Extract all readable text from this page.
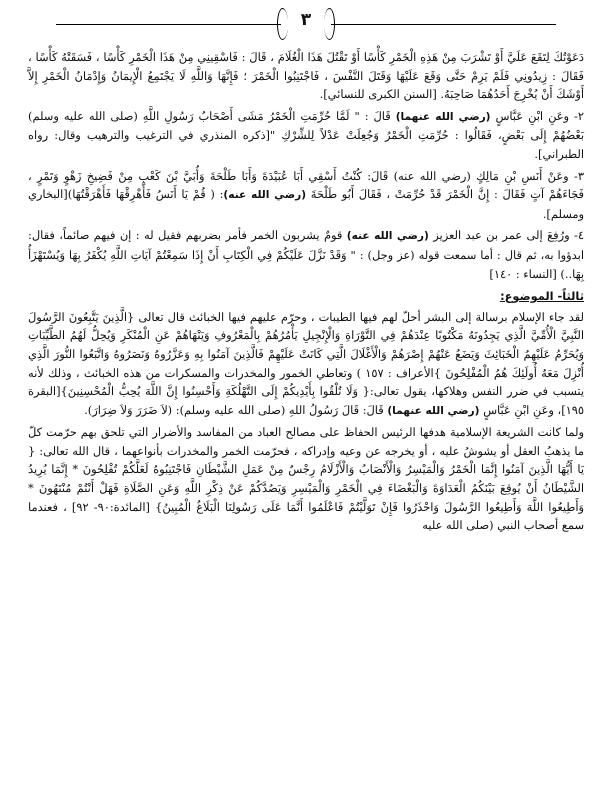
٣

دَعَوْتُكَ لِتَقَعَ عَلَيَّ أَوْ تَشْرَبَ مِنْ هَذِهِ الْخَمْرِ كَأْسًا أَوْ تَقْتُلَ هَذَا الْغُلَامَ ، قَالَ : فَاسْقِينِي مِنْ هَذَا الْخَمْرِ كَأْسًا ، فَسَقَتْهُ كَأْسًا ، فَقَالَ : زِيدُونِي فَلَمْ يَرِمْ حَتَّى وَقَعَ عَلَيْهَا وَقَتَلَ النَّفْسَ ، فَاجْتَنِبُوا الْخَمْرَ ؛ فَإِنَّهَا وَاللَّهِ لَا يَجْتَمِعُ الْإِيمَانُ وَإِدْمَانُ الْخَمْرِ إِلاَّ أَوْشَكَ أَنْ يُخْرِجَ أَحَدُهُمَا صَاحِبَهُ. [السنن الكبرى للنسائي].

٢- وعَنِ ابْنِ عَبَّاسٍ (رضي الله عنهما) قَالَ : " لَمَّا حُرِّمَتِ الْخَمْرُ مَشَى أَصْحَابُ رَسُولِ اللَّهِ (صلى الله عليه وسلم) بَعْضُهُمْ إِلَى بَعْضٍ، فَقَالُوا : حُرِّمَتِ الْخَمْرُ وَجُعِلَتْ عَدْلاً لِلشِّرْكِ "[ذكره المنذري في الترغيب والترهيب وقال: رواه الطبراني].

٣- وعَنْ أَنَسِ بْنِ مَالِكٍ (رضي الله عنه) قَالَ: كُنْتُ أَسْقِي أَبَا عُبَيْدَةَ وَأَبَا طَلْحَةَ وَأُبَيَّ بْنَ كَعْبٍ مِنْ فَضِيخِ زَهْوٍ وَتَمْرٍ ، فَجَاءَهُمْ آتٍ فَقَالَ : إِنَّ الْخَمْرَ قَدْ حُرِّمَتْ ، فَقَالَ أَبُو طَلْحَةَ (رضي الله عنه): ( قُمْ يَا أَنَسُ فَأَهْرِقْهَا فَأَهْرَقْتُهَا)[البخاري ومسلم].

٤- ورُفِعَ إلى عمر بن عبد العزيز (رضي الله عنه) قومٌ يشربون الخمر فأمر بضربهم فقيل له : إن فيهم صائماً، فقال: ابدؤوا به، ثم قال : أما سمعت قوله (عز وجل) : " وَقَدْ نَزَّلَ عَلَيْكُمْ فِي الْكِتَابِ أَنْ إِذَا سَمِعْتُمْ آيَاتِ اللَّهِ يُكْفَرُ بِهَا وَيُسْتَهْزَأُ بِهَا..) [النساء : ١٤٠]

ثالثاً- الموضوع:

لقد جاء الإسلام برسالة إلى البشر أحلّ لهم فيها الطيبات ، وحرّم عليهم فيها الخبائث قال تعالى {الَّذِينَ يَتَّبِعُونَ الرَّسُولَ النَّبِيَّ الْأُمِّيَّ الَّذِي يَجِدُونَهُ مَكْتُوبًا عِنْدَهُمْ فِي التَّوْرَاةِ وَالْإِنْجِيلِ يَأْمُرُهُمْ بِالْمَعْرُوفِ وَيَنْهَاهُمْ عَنِ الْمُنْكَرِ وَيُحِلُّ لَهُمُ الطَّيِّبَاتِ وَيُحَرِّمُ عَلَيْهِمُ الْخَبَائِثَ وَيَضَعُ عَنْهُمْ إِصْرَهُمْ وَالْأَغْلَالَ الَّتِي كَانَتْ عَلَيْهِمْ فَالَّذِينَ آمَنُوا بِهِ وَعَزَّرُوهُ وَنَصَرُوهُ وَاتَّبَعُوا النُّورَ الَّذِي أُنْزِلَ مَعَهُ أُولَئِكَ هُمُ الْمُفْلِحُونَ }الأعراف : ١٥٧ ) وتعاطي الخمور والمخدرات والمسكرات من هذه الخبائث ، وذلك لأنه يتسبب في ضرر النفس وهلاكها، يقول تعالى:{ وَلَا تُلْقُوا بِأَيْدِيكُمْ إِلَى التَّهْلُكَةِ وَأَحْسِنُوا إِنَّ اللَّهَ يُحِبُّ الْمُحْسِنِينَ}[البقرة ١٩٥]، وعَنِ ابْنِ عَبَّاسٍ (رضي الله عنهما) قَالَ: قَالَ رَسُولُ اللهِ (صلى الله عليه وسلم): (لاَ ضَرَرَ وَلاَ ضِرَارَ).

ولما كانت الشريعة الإسلامية هدفها الرئيس الحفاظ على مصالح العباد من المفاسد والأضرار التي تلحق بهم حرّمت كلّ ما يذهبُ العقل أو يشوشُ عليه ، أو يخرجه عن وعيه وإدراكه ، فحرّمت الخمر والمخدرات بأنواعهما ، قال الله تعالى: { يَا أَيُّهَا الَّذِينَ آمَنُوا إِنَّمَا الْخَمْرُ وَالْمَيْسِرُ وَالْأَنْصَابُ وَالْأَزْلَامُ رِجْسٌ مِنْ عَمَلِ الشَّيْطَانِ فَاجْتَنِبُوهُ لَعَلَّكُمْ تُفْلِحُونَ * إِنَّمَا يُرِيدُ الشَّيْطَانُ أَنْ يُوقِعَ بَيْنَكُمُ الْعَدَاوَةَ وَالْبَغْضَاءَ فِي الْخَمْرِ وَالْمَيْسِرِ وَيَصُدَّكُمْ عَنْ ذِكْرِ اللَّهِ وَعَنِ الصَّلَاةِ فَهَلْ أَنْتُمْ مُنْتَهُونَ * وَأَطِيعُوا اللَّهَ وَأَطِيعُوا الرَّسُولَ وَاحْذَرُوا فَإِنْ تَوَلَّيْتُمْ فَاعْلَمُوا أَنَّمَا عَلَى رَسُولِنَا الْبَلَاغُ الْمُبِينُ} [المائدة:٩٠- ٩٢] ، فعندما سمع أصحاب النبي (صلى الله عليه
